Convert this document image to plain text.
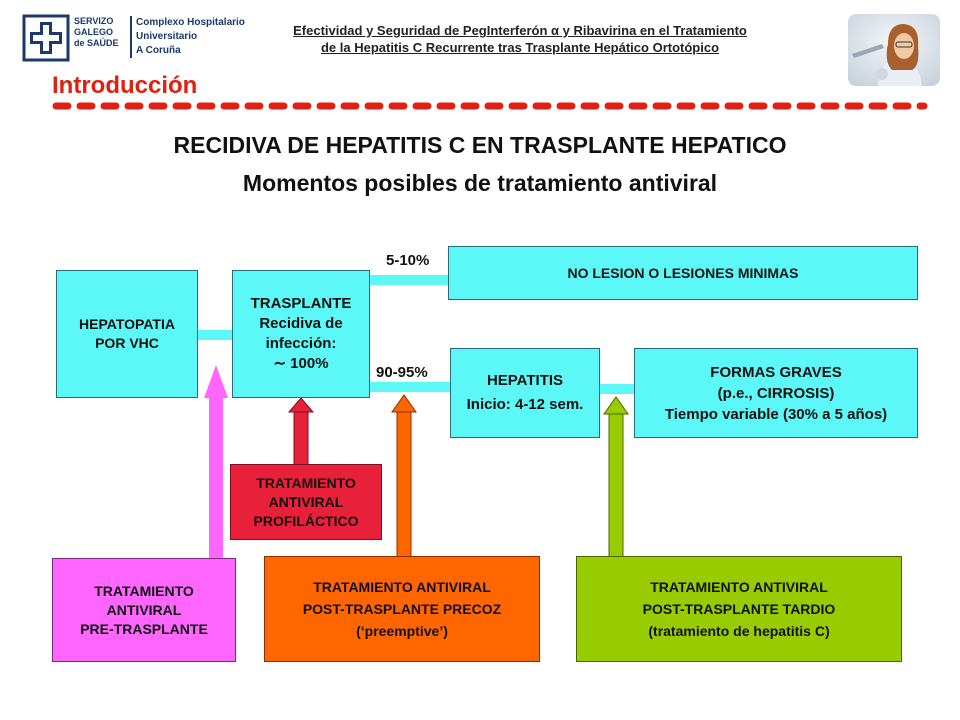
SERVIZO
GALEGO
de SAÚDE
Complexo Hospitalario Universitario
A Coruña
Efectividad y Seguridad de PegInterferón α y Ribavirina en el Tratamiento
de la Hepatitis C Recurrente tras Trasplante Hepático Ortotópico
Introducción
RECIDIVA DE HEPATITIS C EN TRASPLANTE HEPATICO
Momentos posibles de tratamiento antiviral
HEPATOPATIA
POR VHC
TRASPLANTE
Recidiva de
infección:
∼ 100%
5-10%
90-95%
NO LESION O LESIONES MINIMAS
HEPATITIS
Inicio: 4-12 sem.
FORMAS GRAVES
(p.e., CIRROSIS)
Tiempo variable (30% a 5 años)
TRATAMIENTO
ANTIVIRAL
PROFILÁCTICO
TRATAMIENTO
ANTIVIRAL
PRE-TRASPLANTE
TRATAMIENTO ANTIVIRAL
POST-TRASPLANTE PRECOZ
(‘preemptive’)
TRATAMIENTO ANTIVIRAL
POST-TRASPLANTE TARDIO
(tratamiento de hepatitis C)
